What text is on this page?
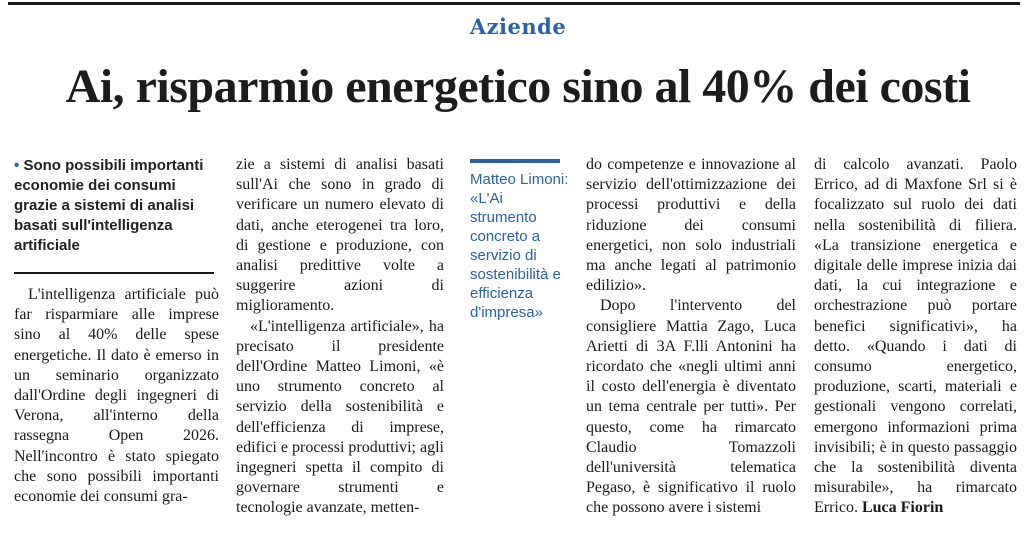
Aziende
Ai, risparmio energetico sino al 40% dei costi
• Sono possibili importanti economie dei consumi grazie a sistemi di analisi basati sull'intelligenza artificiale

L'intelligenza artificiale può far risparmiare alle imprese sino al 40% delle spese energetiche. Il dato è emerso in un seminario organizzato dall'Ordine degli ingegneri di Verona, all'interno della rassegna Open 2026. Nell'incontro è stato spiegato che sono possibili importanti economie dei consumi gra-

zie a sistemi di analisi basati sull'Ai che sono in grado di verificare un numero elevato di dati, anche eterogenei tra loro, di gestione e produzione, con analisi predittive volte a suggerire azioni di miglioramento.

«L'intelligenza artificiale», ha precisato il presidente dell'Ordine Matteo Limoni, «è uno strumento concreto al servizio della sostenibilità e dell'efficienza di imprese, edifici e processi produttivi; agli ingegneri spetta il compito di governare strumenti e tecnologie avanzate, metten-

Matteo Limoni:
«L'Ai strumento concreto a servizio di sostenibilità e efficienza d'impresa»

do competenze e innovazione al servizio dell'ottimizzazione dei processi produttivi e della riduzione dei consumi energetici, non solo industriali ma anche legati al patrimonio edilizio».

Dopo l'intervento del consigliere Mattia Zago, Luca Arietti di 3A F.lli Antonini ha ricordato che «negli ultimi anni il costo dell'energia è diventato un tema centrale per tutti». Per questo, come ha rimarcato Claudio Tomazzoli dell'università telematica Pegaso, è significativo il ruolo che possono avere i sistemi

di calcolo avanzati. Paolo Errico, ad di Maxfone Srl si è focalizzato sul ruolo dei dati nella sostenibilità di filiera. «La transizione energetica e digitale delle imprese inizia dai dati, la cui integrazione e orchestrazione può portare benefici significativi», ha detto. «Quando i dati di consumo energetico, produzione, scarti, materiali e gestionali vengono correlati, emergono informazioni prima invisibili; è in questo passaggio che la sostenibilità diventa misurabile», ha rimarcato Errico. Luca Fiorin
